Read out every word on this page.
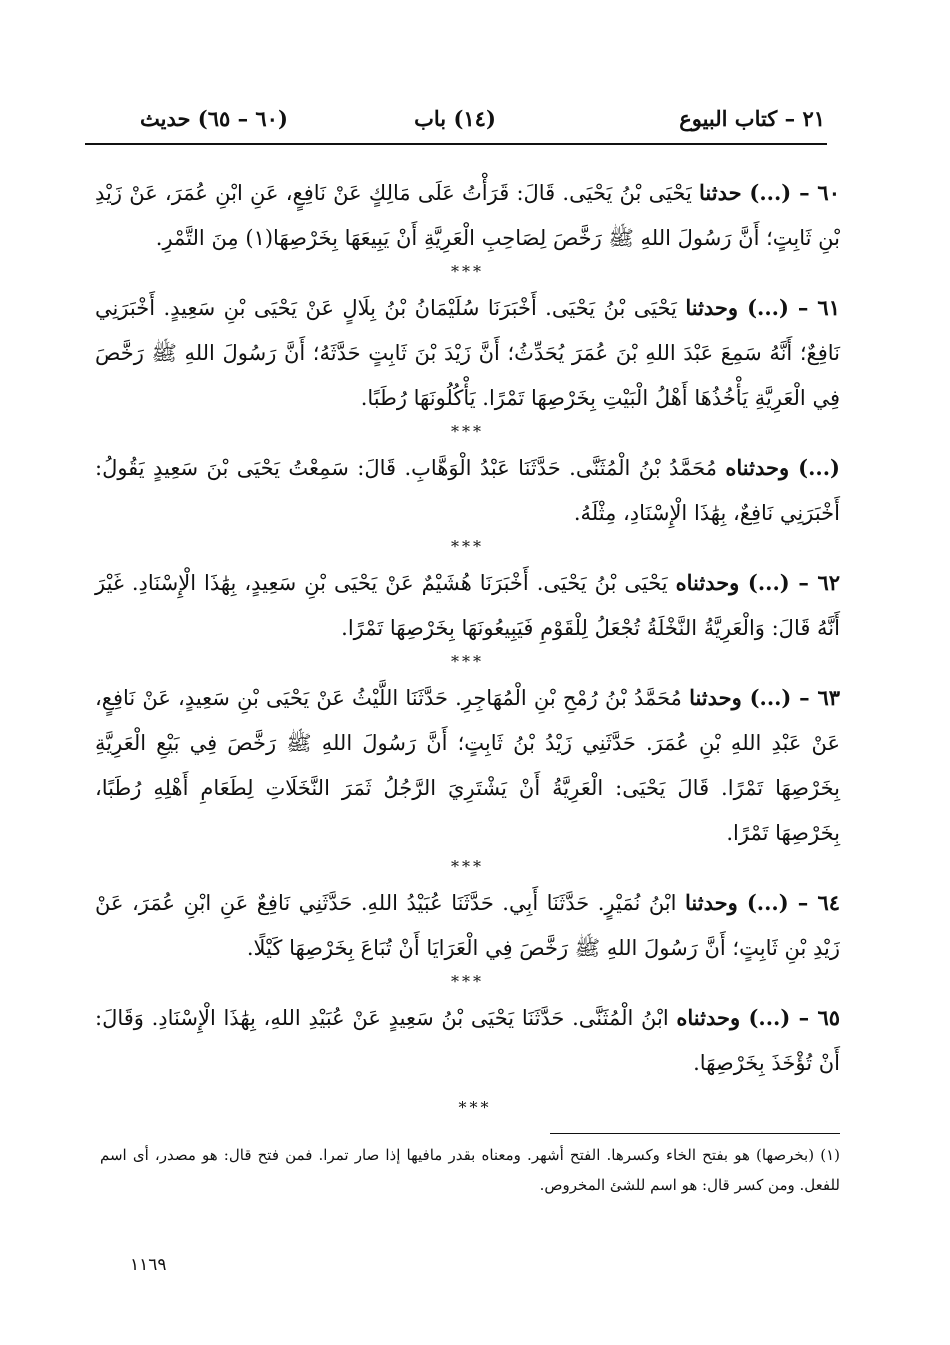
٢١ – كتاب البيوع
(١٤) باب
(٦٠ – ٦٥) حديث

٦٠ – (...) حدثنا يَحْيَى بْنُ يَحْيَى. قَالَ: قَرَأْتُ عَلَى مَالِكٍ عَنْ نَافِعٍ، عَنِ ابْنِ عُمَرَ، عَنْ زَيْدِ بْنِ ثَابِتٍ؛ أَنَّ رَسُولَ اللهِ ﷺ رَخَّصَ لِصَاحِبِ الْعَرِيَّةِ أَنْ يَبِيعَهَا بِخَرْصِهَا(١) مِنَ التَّمْرِ.

***

٦١ – (...) وحدثنا يَحْيَى بْنُ يَحْيَى. أَخْبَرَنَا سُلَيْمَانُ بْنُ بِلَالٍ عَنْ يَحْيَى بْنِ سَعِيدٍ. أَخْبَرَنِي نَافِعٌ؛ أَنَّهُ سَمِعَ عَبْدَ اللهِ بْنَ عُمَرَ يُحَدِّثُ؛ أَنَّ زَيْدَ بْنَ ثَابِتٍ حَدَّثَهُ؛ أَنَّ رَسُولَ اللهِ ﷺ رَخَّصَ فِي الْعَرِيَّةِ يَأْخُذُهَا أَهْلُ الْبَيْتِ بِخَرْصِهَا تَمْرًا. يَأْكُلُونَهَا رُطَبًا.

***

(...) وحدثناه مُحَمَّدُ بْنُ الْمُثَنَّى. حَدَّثَنَا عَبْدُ الْوَهَّابِ. قَالَ: سَمِعْتُ يَحْيَى بْنَ سَعِيدٍ يَقُولُ: أَخْبَرَنِي نَافِعٌ، بِهَٰذَا الْإِسْنَادِ، مِثْلَهُ.

***

٦٢ – (...) وحدثناه يَحْيَى بْنُ يَحْيَى. أَخْبَرَنَا هُشَيْمٌ عَنْ يَحْيَى بْنِ سَعِيدٍ، بِهَٰذَا الْإِسْنَادِ. غَيْرَ أَنَّهُ قَالَ: وَالْعَرِيَّةُ النَّخْلَةُ تُجْعَلُ لِلْقَوْمِ فَيَبِيعُونَهَا بِخَرْصِهَا تَمْرًا.

***

٦٣ – (...) وحدثنا مُحَمَّدُ بْنُ رُمْحِ بْنِ الْمُهَاجِرِ. حَدَّثَنَا اللَّيْثُ عَنْ يَحْيَى بْنِ سَعِيدٍ، عَنْ نَافِعٍ، عَنْ عَبْدِ اللهِ بْنِ عُمَرَ. حَدَّثَنِي زَيْدُ بْنُ ثَابِتٍ؛ أَنَّ رَسُولَ اللهِ ﷺ رَخَّصَ فِي بَيْعِ الْعَرِيَّةِ بِخَرْصِهَا تَمْرًا. قَالَ يَحْيَى: الْعَرِيَّةُ أَنْ يَشْتَرِيَ الرَّجُلُ ثَمَرَ النَّخَلَاتِ لِطَعَامِ أَهْلِهِ رُطَبًا، بِخَرْصِهَا تَمْرًا.

***

٦٤ – (...) وحدثنا ابْنُ نُمَيْرٍ. حَدَّثَنَا أَبِي. حَدَّثَنَا عُبَيْدُ اللهِ. حَدَّثَنِي نَافِعٌ عَنِ ابْنِ عُمَرَ، عَنْ زَيْدِ بْنِ ثَابِتٍ؛ أَنَّ رَسُولَ اللهِ ﷺ رَخَّصَ فِي الْعَرَايَا أَنْ تُبَاعَ بِخَرْصِهَا كَيْلًا.

***

٦٥ – (...) وحدثناه ابْنُ الْمُثَنَّى. حَدَّثَنَا يَحْيَى بْنُ سَعِيدٍ عَنْ عُبَيْدِ اللهِ، بِهَٰذَا الْإِسْنَادِ. وَقَالَ: أَنْ تُؤْخَذَ بِخَرْصِهَا.

***
(١) (بخرصها) هو بفتح الخاء وكسرها. الفتح أشهر. ومعناه بقدر مافيها إذا صار تمرا. فمن فتح قال: هو مصدر، أى اسم للفعل. ومن كسر قال: هو اسم للشئ المخروص.
١١٦٩
